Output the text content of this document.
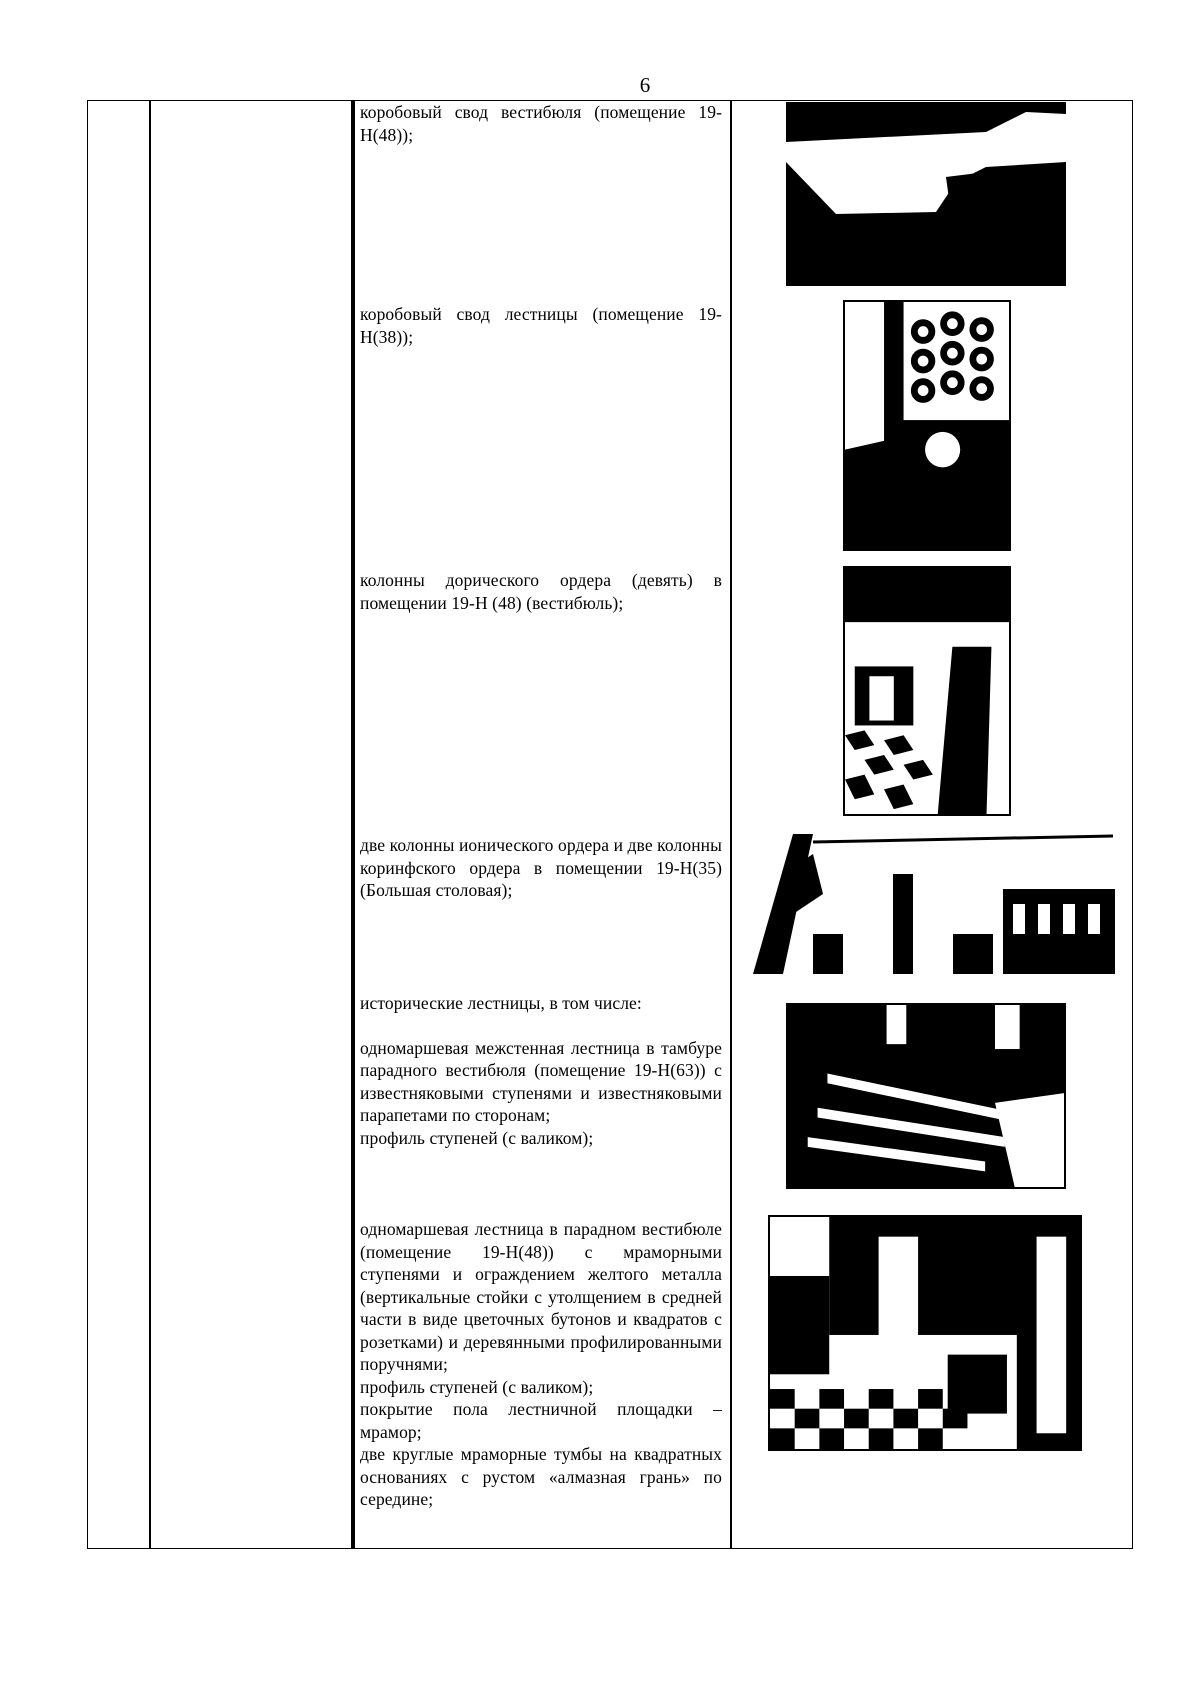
6

коробовый свод вестибюля (помещение 19-Н(48));

коробовый свод лестницы (помещение 19-Н(38));

колонны дорического ордера (девять) в помещении 19-Н (48) (вестибюль);

две колонны ионического ордера и две колонны коринфского ордера в помещении 19-Н(35) (Большая столовая);

исторические лестницы, в том числе:

одномаршевая межстенная лестница в тамбуре парадного вестибюля (помещение 19-Н(63)) с известняковыми ступенями и известняковыми парапетами по сторонам;

профиль ступеней (с валиком);

одномаршевая лестница в парадном вестибюле (помещение 19-Н(48)) с мраморными ступенями и ограждением желтого металла (вертикальные стойки с утолщением в средней части в виде цветочных бутонов и квадратов с розетками) и деревянными профилированными поручнями;

профиль ступеней (с валиком);

покрытие пола лестничной площадки – мрамор;

две круглые мраморные тумбы на квадратных основаниях с рустом «алмазная грань» по середине;
